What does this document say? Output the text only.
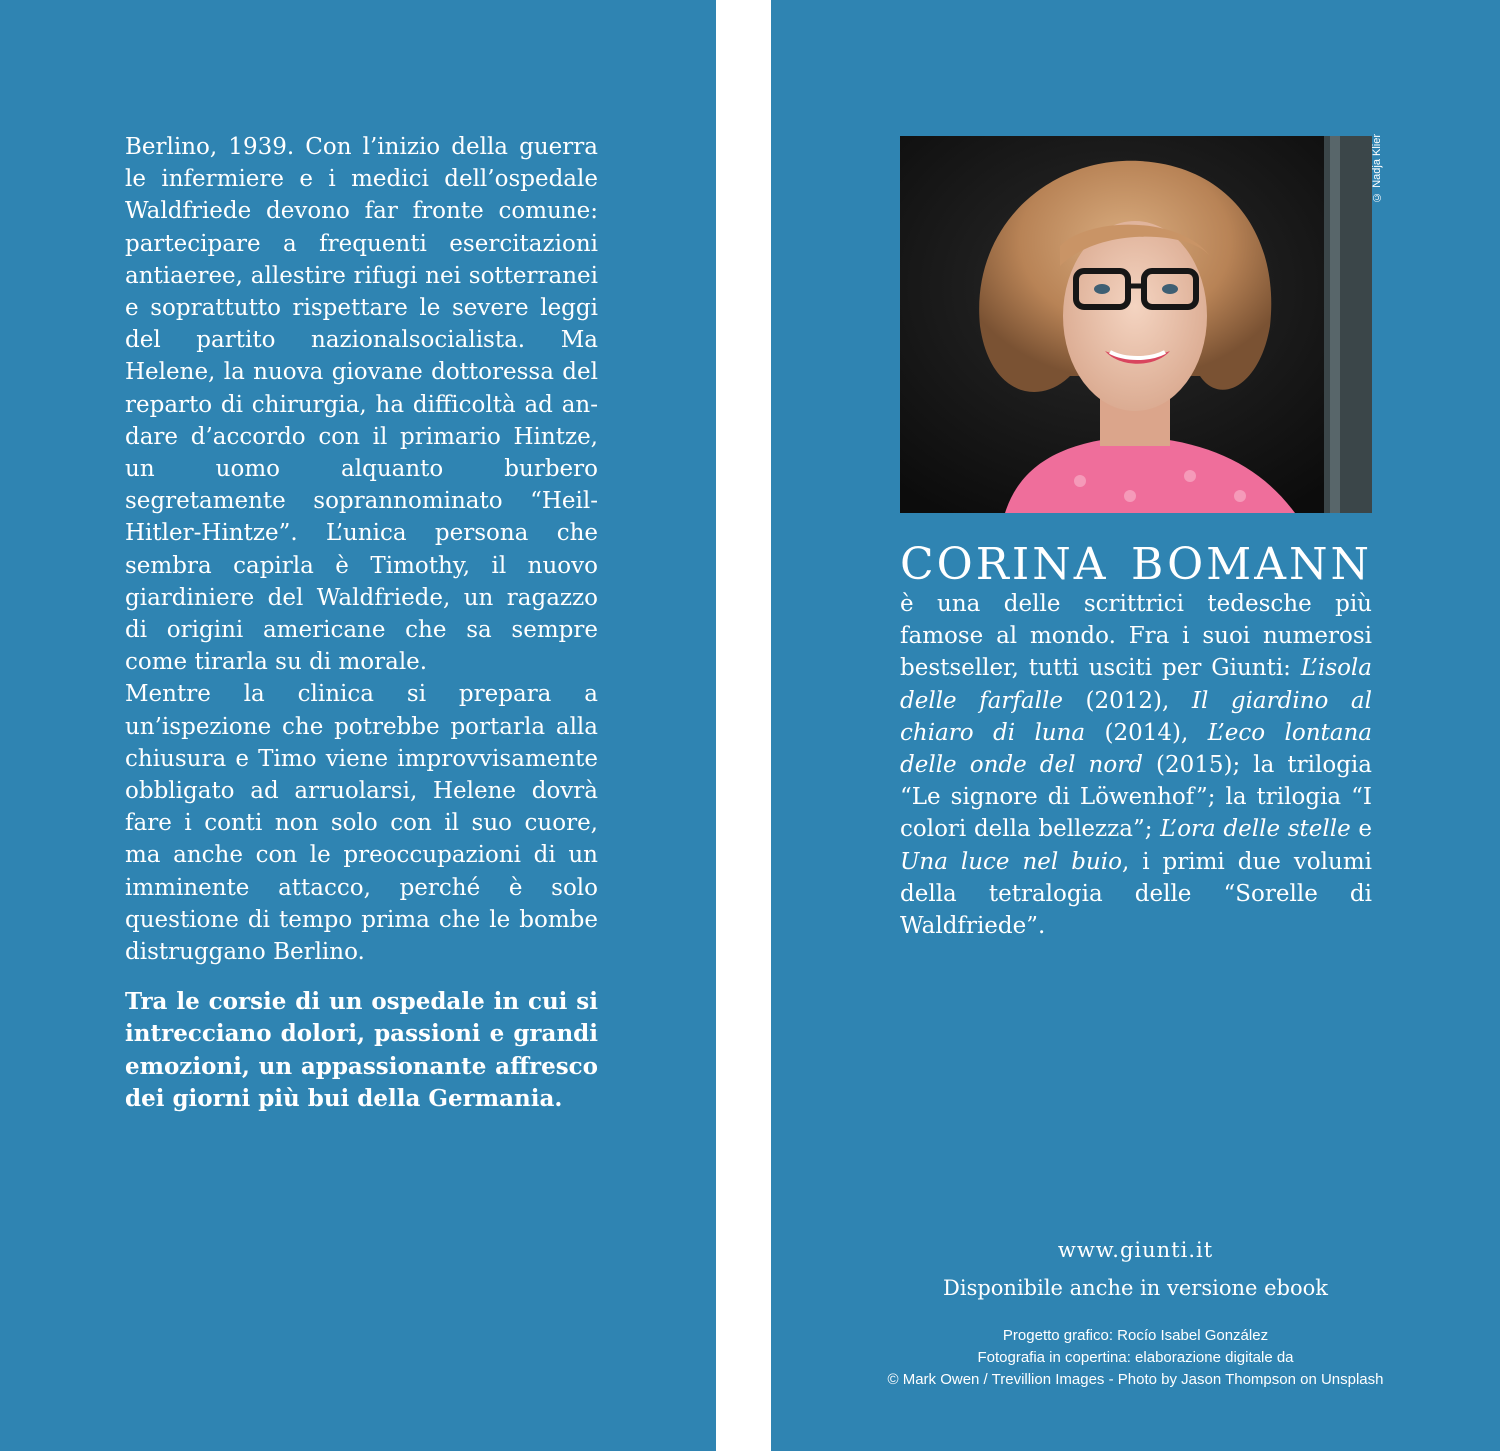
Berlino, 1939. Con l’inizio della guerra le infermiere e i medici dell’ospedale Waldfriede devono far fronte comune: partecipare a frequenti esercitazioni antiaeree, allestire rifugi nei sotterranei e soprattutto rispettare le severe leggi del partito nazionalsocialista. Ma Helene, la nuova giovane dottoressa del reparto di chirurgia, ha difficoltà ad andare d’accordo con il primario Hintze, un uomo alquanto burbero segretamente soprannominato “Heil-Hitler-Hintze”. L’unica persona che sembra capirla è Timothy, il nuovo giardiniere del Waldfriede, un ragazzo di origini americane che sa sempre come tirarla su di morale.
Mentre la clinica si prepara a un’ispezione che potrebbe portarla alla chiusura e Timo viene improvvisamente obbligato ad arruolarsi, Helene dovrà fare i conti non solo con il suo cuore, ma anche con le preoccupazioni di un imminente attacco, perché è solo questione di tempo prima che le bombe distruggano Berlino.

Tra le corsie di un ospedale in cui si intrecciano dolori, passioni e grandi emozioni, un appassionante affresco dei giorni più bui della Germania.

© Nadja Klier
CORINA BOMANN

è una delle scrittrici tedesche più famose al mondo. Fra i suoi numerosi bestseller, tutti usciti per Giunti: L’isola delle farfalle (2012), Il giardino al chiaro di luna (2014), L’eco lontana delle onde del nord (2015); la trilogia “Le signore di Löwenhof”; la trilogia “I colori della bellezza”; L’ora delle stelle e Una luce nel buio, i primi due volumi della tetralogia delle “Sorelle di Waldfriede”.

www.giunti.it
Disponibile anche in versione ebook
Progetto grafico: Rocío Isabel González
Fotografia in copertina: elaborazione digitale da
© Mark Owen / Trevillion Images - Photo by Jason Thompson on Unsplash
